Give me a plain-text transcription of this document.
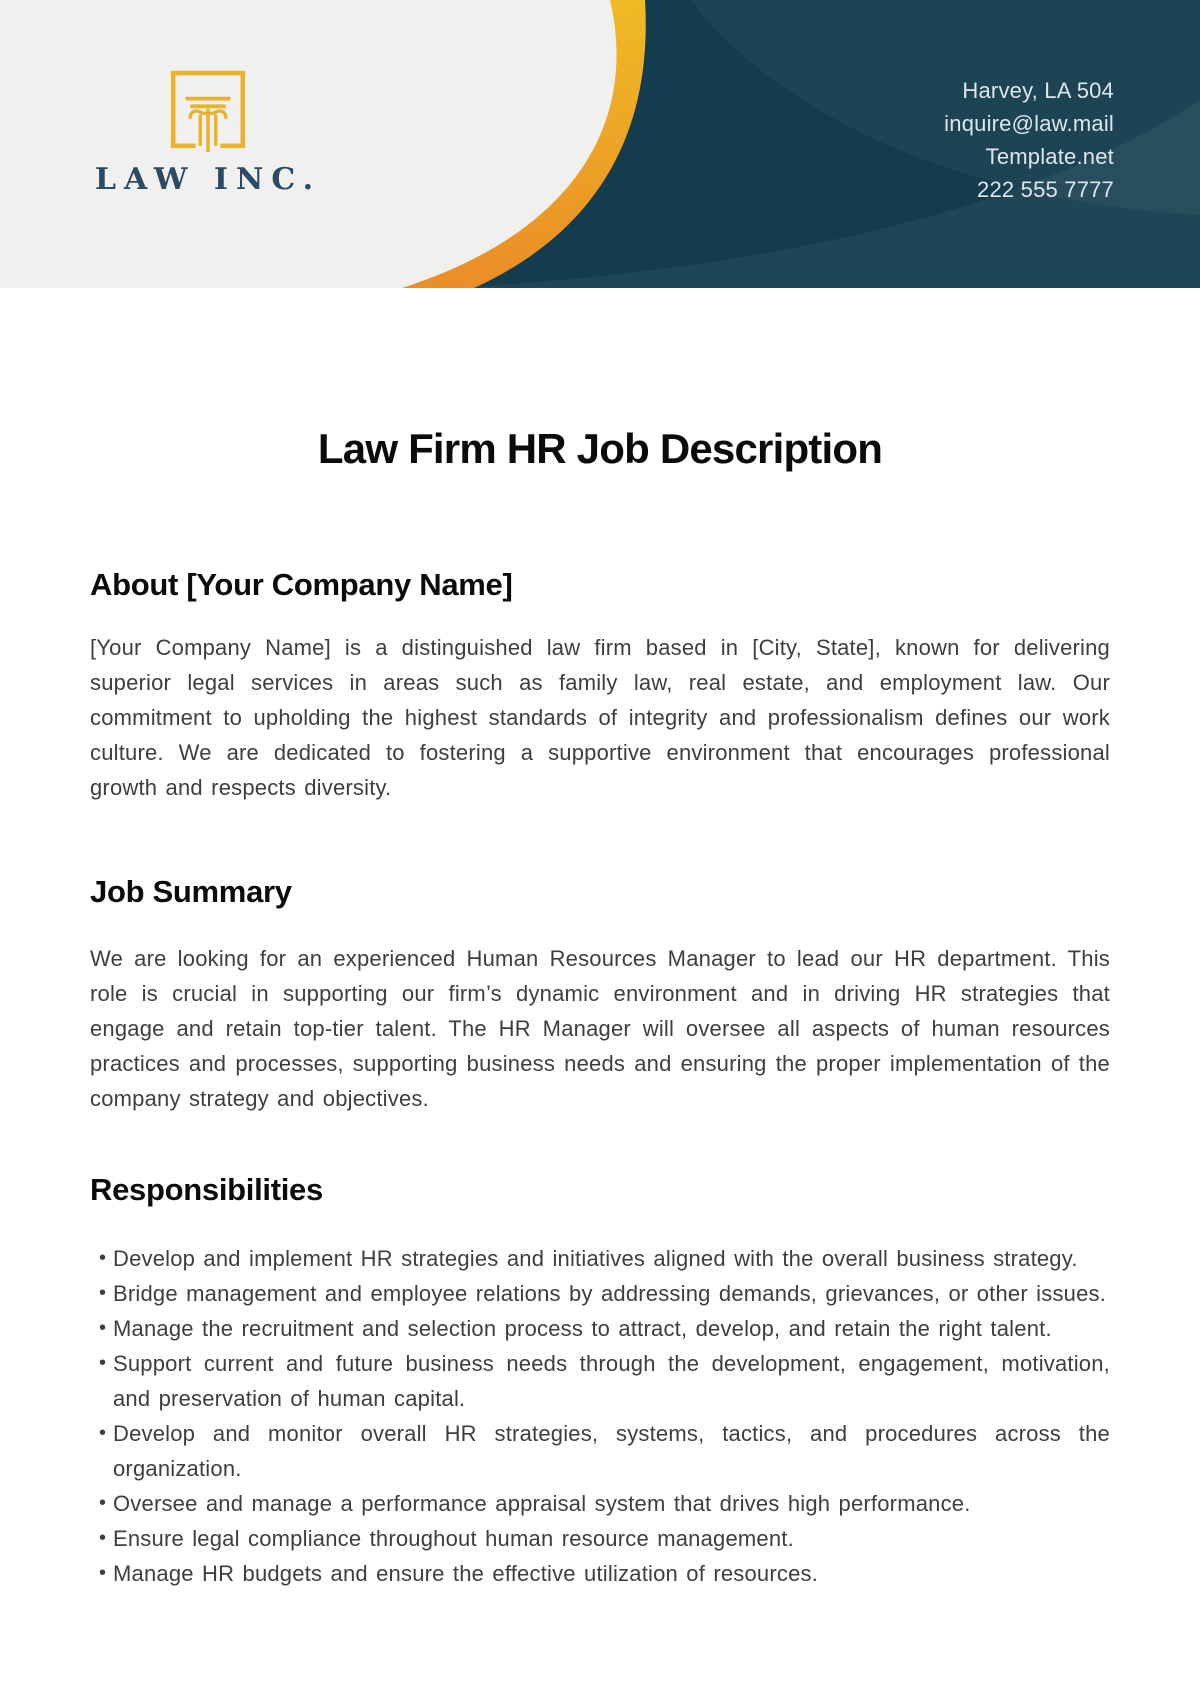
LAW INC.
Harvey, LA 504
inquire@law.mail
Template.net
222 555 7777
Law Firm HR Job Description
About [Your Company Name]

[Your Company Name] is a distinguished law firm based in [City, State], known for delivering superior legal services in areas such as family law, real estate, and employment law. Our commitment to upholding the highest standards of integrity and professionalism defines our work culture. We are dedicated to fostering a supportive environment that encourages professional growth and respects diversity.

Job Summary

We are looking for an experienced Human Resources Manager to lead our HR department. This role is crucial in supporting our firm’s dynamic environment and in driving HR strategies that engage and retain top-tier talent. The HR Manager will oversee all aspects of human resources practices and processes, supporting business needs and ensuring the proper implementation of the company strategy and objectives.

Responsibilities
• Develop and implement HR strategies and initiatives aligned with the overall business strategy.
• Bridge management and employee relations by addressing demands, grievances, or other issues.
• Manage the recruitment and selection process to attract, develop, and retain the right talent.
• Support current and future business needs through the development, engagement, motivation, and preservation of human capital.
• Develop and monitor overall HR strategies, systems, tactics, and procedures across the organization.
• Oversee and manage a performance appraisal system that drives high performance.
• Ensure legal compliance throughout human resource management.
• Manage HR budgets and ensure the effective utilization of resources.
